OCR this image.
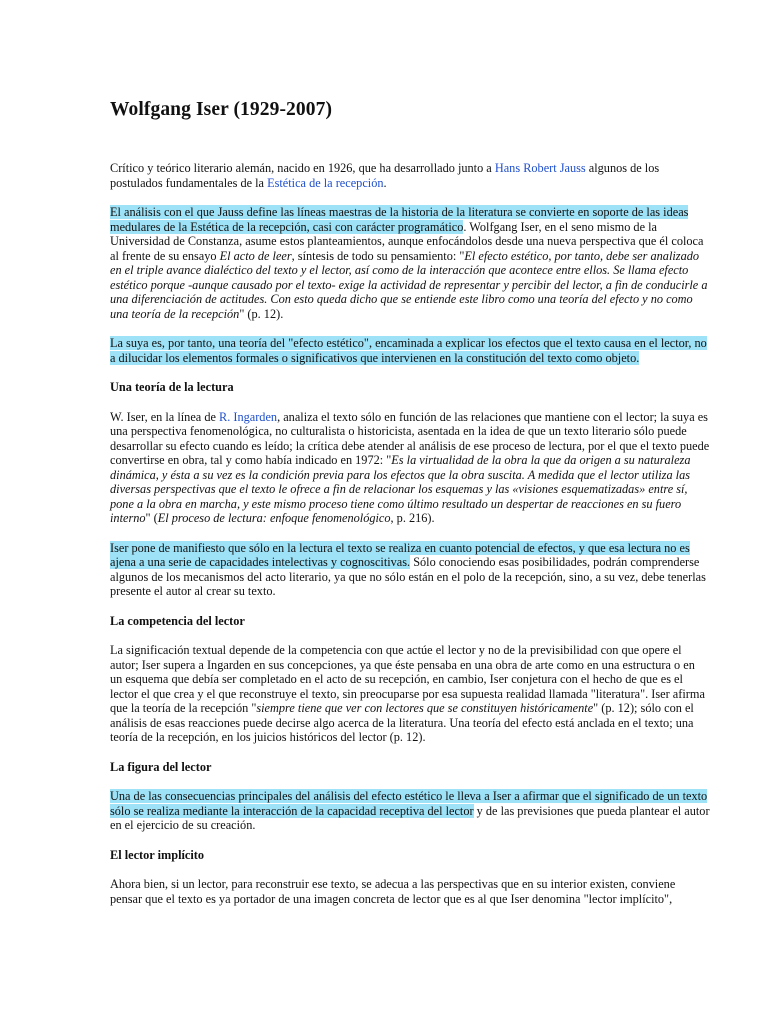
Wolfgang Iser (1929-2007)

Crítico y teórico literario alemán, nacido en 1926, que ha desarrollado junto a Hans Robert Jauss algunos de los postulados fundamentales de la Estética de la recepción.

El análisis con el que Jauss define las líneas maestras de la historia de la literatura se convierte en soporte de las ideas medulares de la Estética de la recepción, casi con carácter programático. Wolfgang Iser, en el seno mismo de la Universidad de Constanza, asume estos planteamientos, aunque enfocándolos desde una nueva perspectiva que él coloca al frente de su ensayo El acto de leer, síntesis de todo su pensamiento: "El efecto estético, por tanto, debe ser analizado en el triple avance dialéctico del texto y el lector, así como de la interacción que acontece entre ellos. Se llama efecto estético porque -aunque causado por el texto- exige la actividad de representar y percibir del lector, a fin de conducirle a una diferenciación de actitudes. Con esto queda dicho que se entiende este libro como una teoría del efecto y no como una teoría de la recepción" (p. 12).

La suya es, por tanto, una teoría del "efecto estético", encaminada a explicar los efectos que el texto causa en el lector, no a dilucidar los elementos formales o significativos que intervienen en la constitución del texto como objeto.

Una teoría de la lectura

W. Iser, en la línea de R. Ingarden, analiza el texto sólo en función de las relaciones que mantiene con el lector; la suya es una perspectiva fenomenológica, no culturalista o historicista, asentada en la idea de que un texto literario sólo puede desarrollar su efecto cuando es leído; la crítica debe atender al análisis de ese proceso de lectura, por el que el texto puede convertirse en obra, tal y como había indicado en 1972: "Es la virtualidad de la obra la que da origen a su naturaleza dinámica, y ésta a su vez es la condición previa para los efectos que la obra suscita. A medida que el lector utiliza las diversas perspectivas que el texto le ofrece a fin de relacionar los esquemas y las «visiones esquematizadas» entre sí, pone a la obra en marcha, y este mismo proceso tiene como último resultado un despertar de reacciones en su fuero interno" (El proceso de lectura: enfoque fenomenológico, p. 216).

Iser pone de manifiesto que sólo en la lectura el texto se realiza en cuanto potencial de efectos, y que esa lectura no es ajena a una serie de capacidades intelectivas y cognoscitivas. Sólo conociendo esas posibilidades, podrán comprenderse algunos de los mecanismos del acto literario, ya que no sólo están en el polo de la recepción, sino, a su vez, debe tenerlas presente el autor al crear su texto.

La competencia del lector

La significación textual depende de la competencia con que actúe el lector y no de la previsibilidad con que opere el autor; Iser supera a Ingarden en sus concepciones, ya que éste pensaba en una obra de arte como en una estructura o en un esquema que debía ser completado en el acto de su recepción, en cambio, Iser conjetura con el hecho de que es el lector el que crea y el que reconstruye el texto, sin preocuparse por esa supuesta realidad llamada "literatura". Iser afirma que la teoría de la recepción "siempre tiene que ver con lectores que se constituyen históricamente" (p. 12); sólo con el análisis de esas reacciones puede decirse algo acerca de la literatura. Una teoría del efecto está anclada en el texto; una teoría de la recepción, en los juicios históricos del lector (p. 12).

La figura del lector

Una de las consecuencias principales del análisis del efecto estético le lleva a Iser a afirmar que el significado de un texto sólo se realiza mediante la interacción de la capacidad receptiva del lector y de las previsiones que pueda plantear el autor en el ejercicio de su creación.

El lector implícito

Ahora bien, si un lector, para reconstruir ese texto, se adecua a las perspectivas que en su interior existen, conviene pensar que el texto es ya portador de una imagen concreta de lector que es al que Iser denomina "lector implícito",
